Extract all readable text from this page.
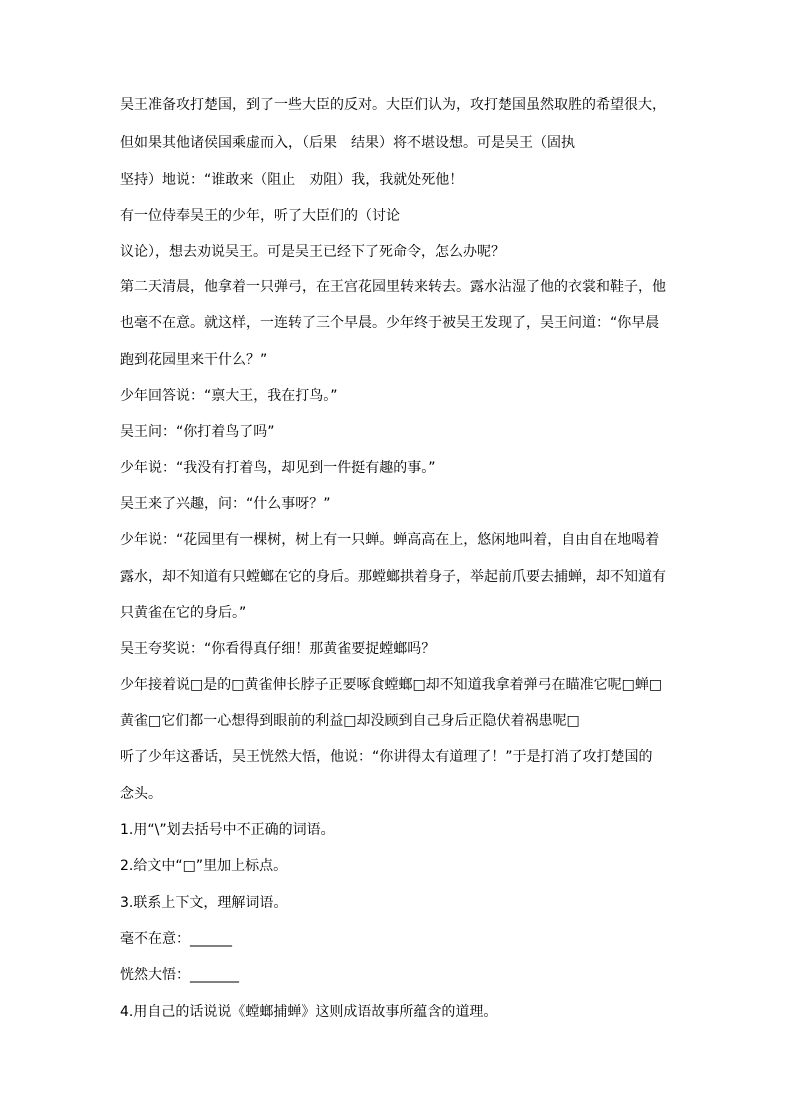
吴王准备攻打楚国，到了一些大臣的反对。大臣们认为，攻打楚国虽然取胜的希望很大，
但如果其他诸侯国乘虚而入，（后果　结果）将不堪设想。可是吴王（固执
坚持）地说：“谁敢来（阻止　劝阻）我，我就处死他！
有一位侍奉吴王的少年，听了大臣们的（讨论
议论），想去劝说吴王。可是吴王已经下了死命令，怎么办呢？
第二天清晨，他拿着一只弹弓，在王宫花园里转来转去。露水沾湿了他的衣裳和鞋子，他
也毫不在意。就这样，一连转了三个早晨。少年终于被吴王发现了，吴王问道：“你早晨
跑到花园里来干什么？”
少年回答说：“禀大王，我在打鸟。”
吴王问：“你打着鸟了吗”
少年说：“我没有打着鸟，却见到一件挺有趣的事。”
吴王来了兴趣，问：“什么事呀？”
少年说：“花园里有一棵树，树上有一只蝉。蝉高高在上，悠闲地叫着，自由自在地喝着
露水，却不知道有只螳螂在它的身后。那螳螂拱着身子，举起前爪要去捕蝉，却不知道有
只黄雀在它的身后。”
吴王夸奖说：“你看得真仔细！那黄雀要捉螳螂吗？
少年接着说□是的□黄雀伸长脖子正要啄食螳螂□却不知道我拿着弹弓在瞄准它呢□蝉□
黄雀□它们都一心想得到眼前的利益□却没顾到自己身后正隐伏着祸患呢□
听了少年这番话，吴王恍然大悟，他说：“你讲得太有道理了！”于是打消了攻打楚国的
念头。
1.用“\”划去括号中不正确的词语。
2.给文中“□”里加上标点。
3.联系上下文，理解词语。
毫不在意：______
恍然大悟：_______
4.用自己的话说说《螳螂捕蝉》这则成语故事所蕴含的道理。
